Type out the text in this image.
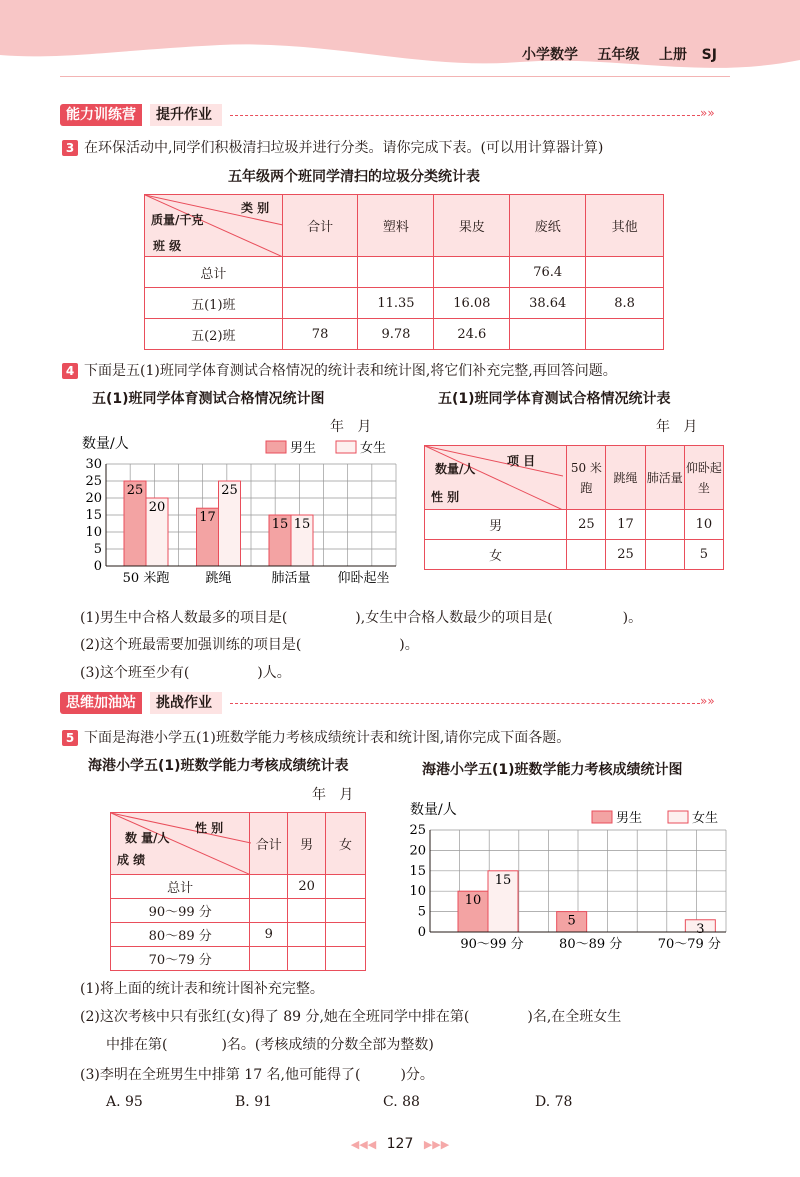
小学数学 五年级 上册 SJ
能力训练营	提升作业	»»
3 在环保活动中,同学们积极清扫垃圾并进行分类。请你完成下表。(可以用计算器计算)
五年级两个班同学清扫的垃圾分类统计表
类 别
质量/千克
班 级	合计	塑料	果皮	废纸	其他
总计				76.4	
五(1)班		11.35	16.08	38.64	8.8
五(2)班	78	9.78	24.6		
4 下面是五(1)班同学体育测试合格情况的统计表和统计图,将它们补充完整,再回答问题。
五(1)班同学体育测试合格情况统计图	五(1)班同学体育测试合格情况统计表
年   月	年   月
数量/人	男生	女生
0
5
10
15
20
25
30
50 米跑
25
20
跳绳
17
25
肺活量
15 15
仰卧起坐
项 目
数量/人
性 别	50 米跑	跳绳	肺活量	仰卧起坐
男	25	17		10
女		25		5
(1)男生中合格人数最多的项目是(	),女生中合格人数最少的项目是(	)。
(2)这个班最需要加强训练的项目是(	)。
(3)这个班至少有(	)人。
思维加油站	挑战作业	»»
5 下面是海港小学五(1)班数学能力考核成绩统计表和统计图,请你完成下面各题。
海港小学五(1)班数学能力考核成绩统计表	海港小学五(1)班数学能力考核成绩统计图
年   月
性 别
数 量/人
成 绩	合计	男	女
总计		20	
90～99 分			
80～89 分	9		
70～79 分			
数量/人
男生	女生
0
5
10
15
20
25
90～99 分
10
15
80～89 分
5
70～79 分
3
(1)将上面的统计表和统计图补充完整。
(2)这次考核中只有张红(女)得了 89 分,她在全班同学中排在第(	)名,在全班女生
中排在第(	)名。(考核成绩的分数全部为整数)
(3)李明在全班男生中排第 17 名,他可能得了(	)分。
A. 95	B. 91	C. 88	D. 78
◀◀◀ 127 ▶▶▶
